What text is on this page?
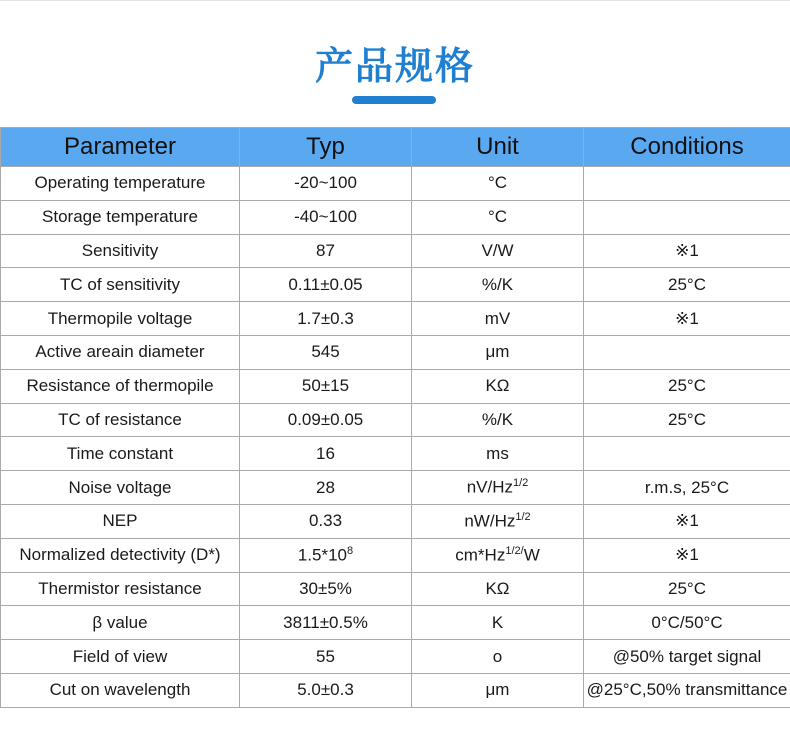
产品规格
Parameter	Typ	Unit	Conditions
Operating temperature	-20~100	°C	
Storage temperature	-40~100	°C	
Sensitivity	87	V/W	※1
TC of sensitivity	0.11±0.05	%/K	25°C
Thermopile voltage	1.7±0.3	mV	※1
Active areain diameter	545	μm	
Resistance of thermopile	50±15	KΩ	25°C
TC of resistance	0.09±0.05	%/K	25°C
Time constant	16	ms	
Noise voltage	28	$nV/Hz^{1/2}$	r.m.s, 25°C
NEP	0.33	$nW/Hz^{1/2}$	※1
Normalized detectivity (D*)	$1.5*10^8$	$cm*Hz^{1/2/}W$	※1
Thermistor resistance	30±5%	KΩ	25°C
β value	3811±0.5%	K	0°C/50°C
Field of view	55	o	@50% target signal
Cut on wavelength	5.0±0.3	μm	@25°C,50% transmittance
